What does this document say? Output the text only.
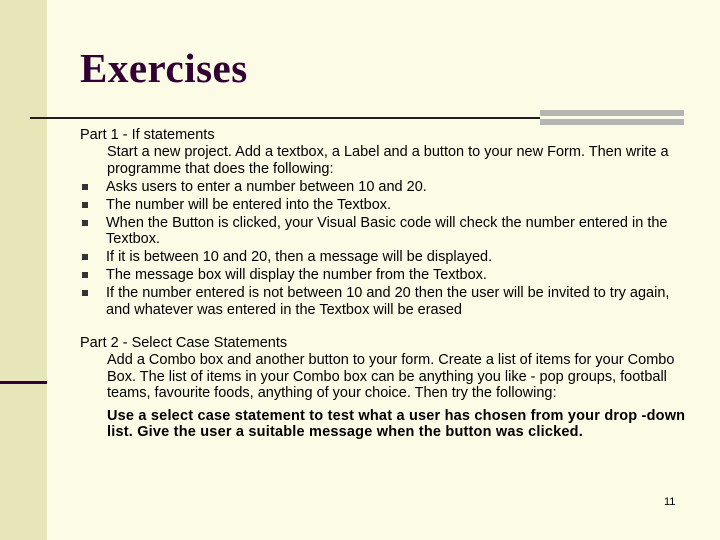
Exercises
Part 1 - If statements
Start a new project. Add a textbox, a Label and a button to your new Form. Then write a programme that does the following:
Asks users to enter a number between 10 and 20.
The number will be entered into the Textbox.
When the Button is clicked, your Visual Basic code will check the number entered in the Textbox.
If it is between 10 and 20, then a message will be displayed.
The message box will display the number from the Textbox.
If the number entered is not between 10 and 20 then the user will be invited to try again, and whatever was entered in the Textbox will be erased
Part 2 - Select Case Statements
Add a Combo box and another button to your form. Create a list of items for your Combo Box. The list of items in your Combo box can be anything you like - pop groups, football teams, favourite foods, anything of your choice. Then try the following:
Use a select case statement to test what a user has chosen from your drop -down list. Give the user a suitable message when the button was clicked.
11
